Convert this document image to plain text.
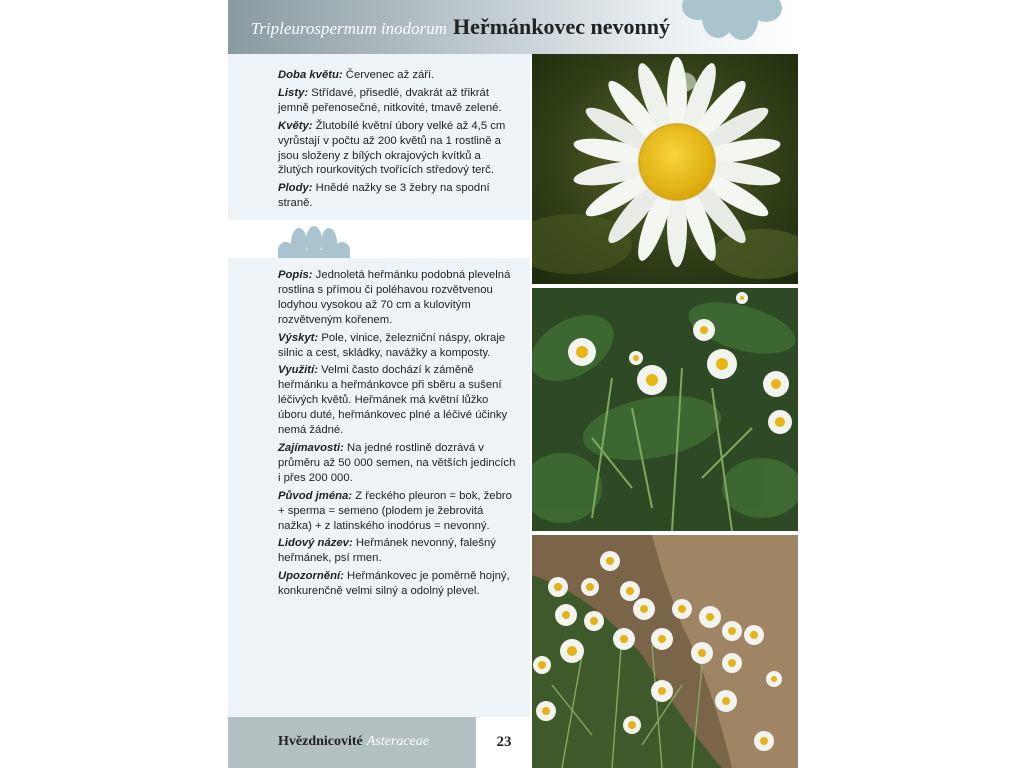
Tripleurospermum inodorum Heřmánkovec nevonný

Doba květu: Červenec až září.

Listy: Střídavé, přisedlé, dvakrát až třikrát jemně peřenosečné, nitkovité, tmavě zelené.

Květy: Žlutobílé květní úbory velké až 4,5 cm vyrůstají v počtu až 200 květů na 1 rostlině a jsou složeny z bílých okrajových kvítků a žlutých rourkovitých tvořících středový terč.

Plody: Hnědé nažky se 3 žebry na spodní straně.

Popis: Jednoletá heřmánku podobná plevelná rostlina s přímou či poléhavou rozvětvenou lodyhou vysokou až 70 cm a kulovitým rozvětveným kořenem.

Výskyt: Pole, vinice, železniční náspy, okraje silnic a cest, skládky, navážky a komposty.

Využití: Velmi často dochází k záměně heřmánku a heřmánkovce při sběru a sušení léčivých květů. Heřmánek má květní lůžko úboru duté, heřmánkovec plné a léčivé účinky nemá žádné.

Zajímavosti: Na jedné rostlině dozrává v průměru až 50 000 semen, na větších jedincích i přes 200 000.

Původ jména: Z řeckého pleuron = bok, žebro + sperma = semeno (plodem je žebrovitá nažka) + z latinského inodórus = nevonný.

Lidový název: Heřmánek nevonný, falešný heřmánek, psí rmen.

Upozornění: Heřmánkovec je poměrně hojný, konkurenčně velmi silný a odolný plevel.

Hvězdnicovité Asteraceae	23
